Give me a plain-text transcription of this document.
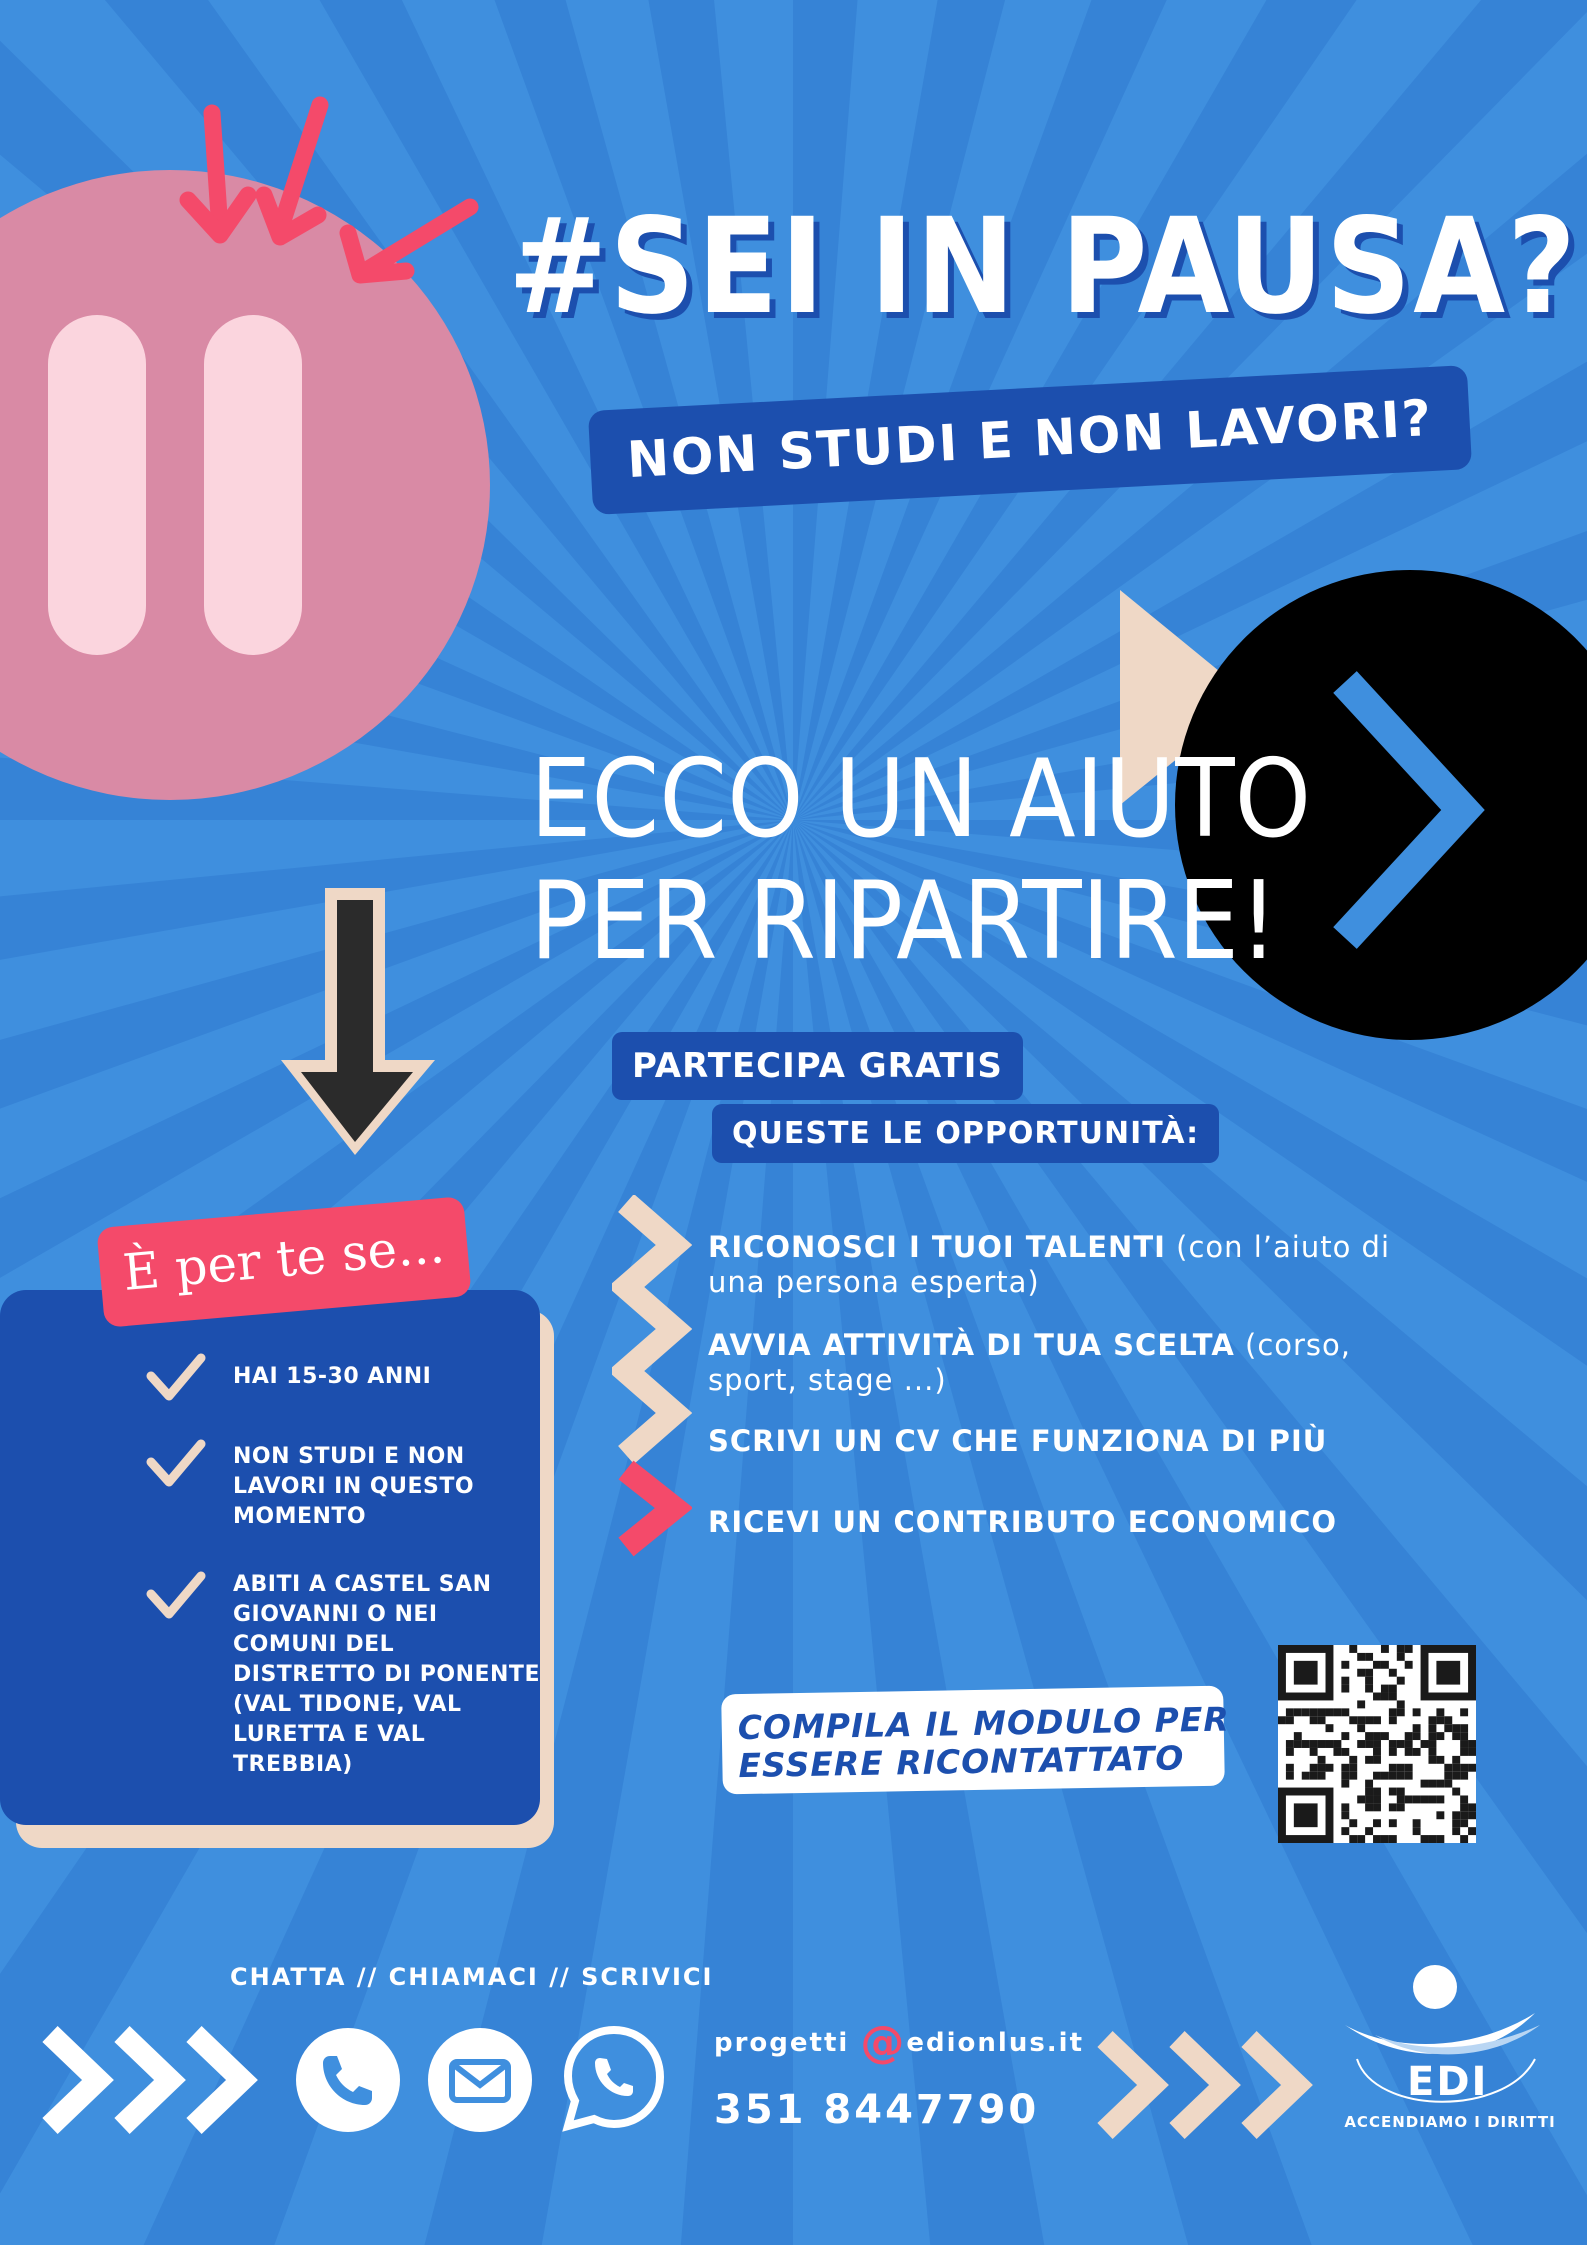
#SEI IN PAUSA?
NON STUDI E NON LAVORI?
ECCO UN AIUTO
PER RIPARTIRE!
PARTECIPA GRATIS
QUESTE LE OPPORTUNITÀ:
RICONOSCI I TUOI TALENTI (con l’aiuto di una persona esperta)
AVVIA ATTIVITÀ DI TUA SCELTA (corso, sport, stage ...)
SCRIVI UN CV CHE FUNZIONA DI PIÙ
RICEVI UN CONTRIBUTO ECONOMICO
HAI 15-30 ANNI
NON STUDI E NON LAVORI IN QUESTO MOMENTO
ABITI A CASTEL SAN GIOVANNI O NEI COMUNI DEL DISTRETTO DI PONENTE (VAL TIDONE, VAL LURETTA E VAL TREBBIA)
È per te se...
COMPILA IL MODULO PER
ESSERE RICONTATTATO
CHATTA // CHIAMACI // SCRIVICI
progetti @edionlus.it
351 8447790
EDI
ACCENDIAMO I DIRITTI
